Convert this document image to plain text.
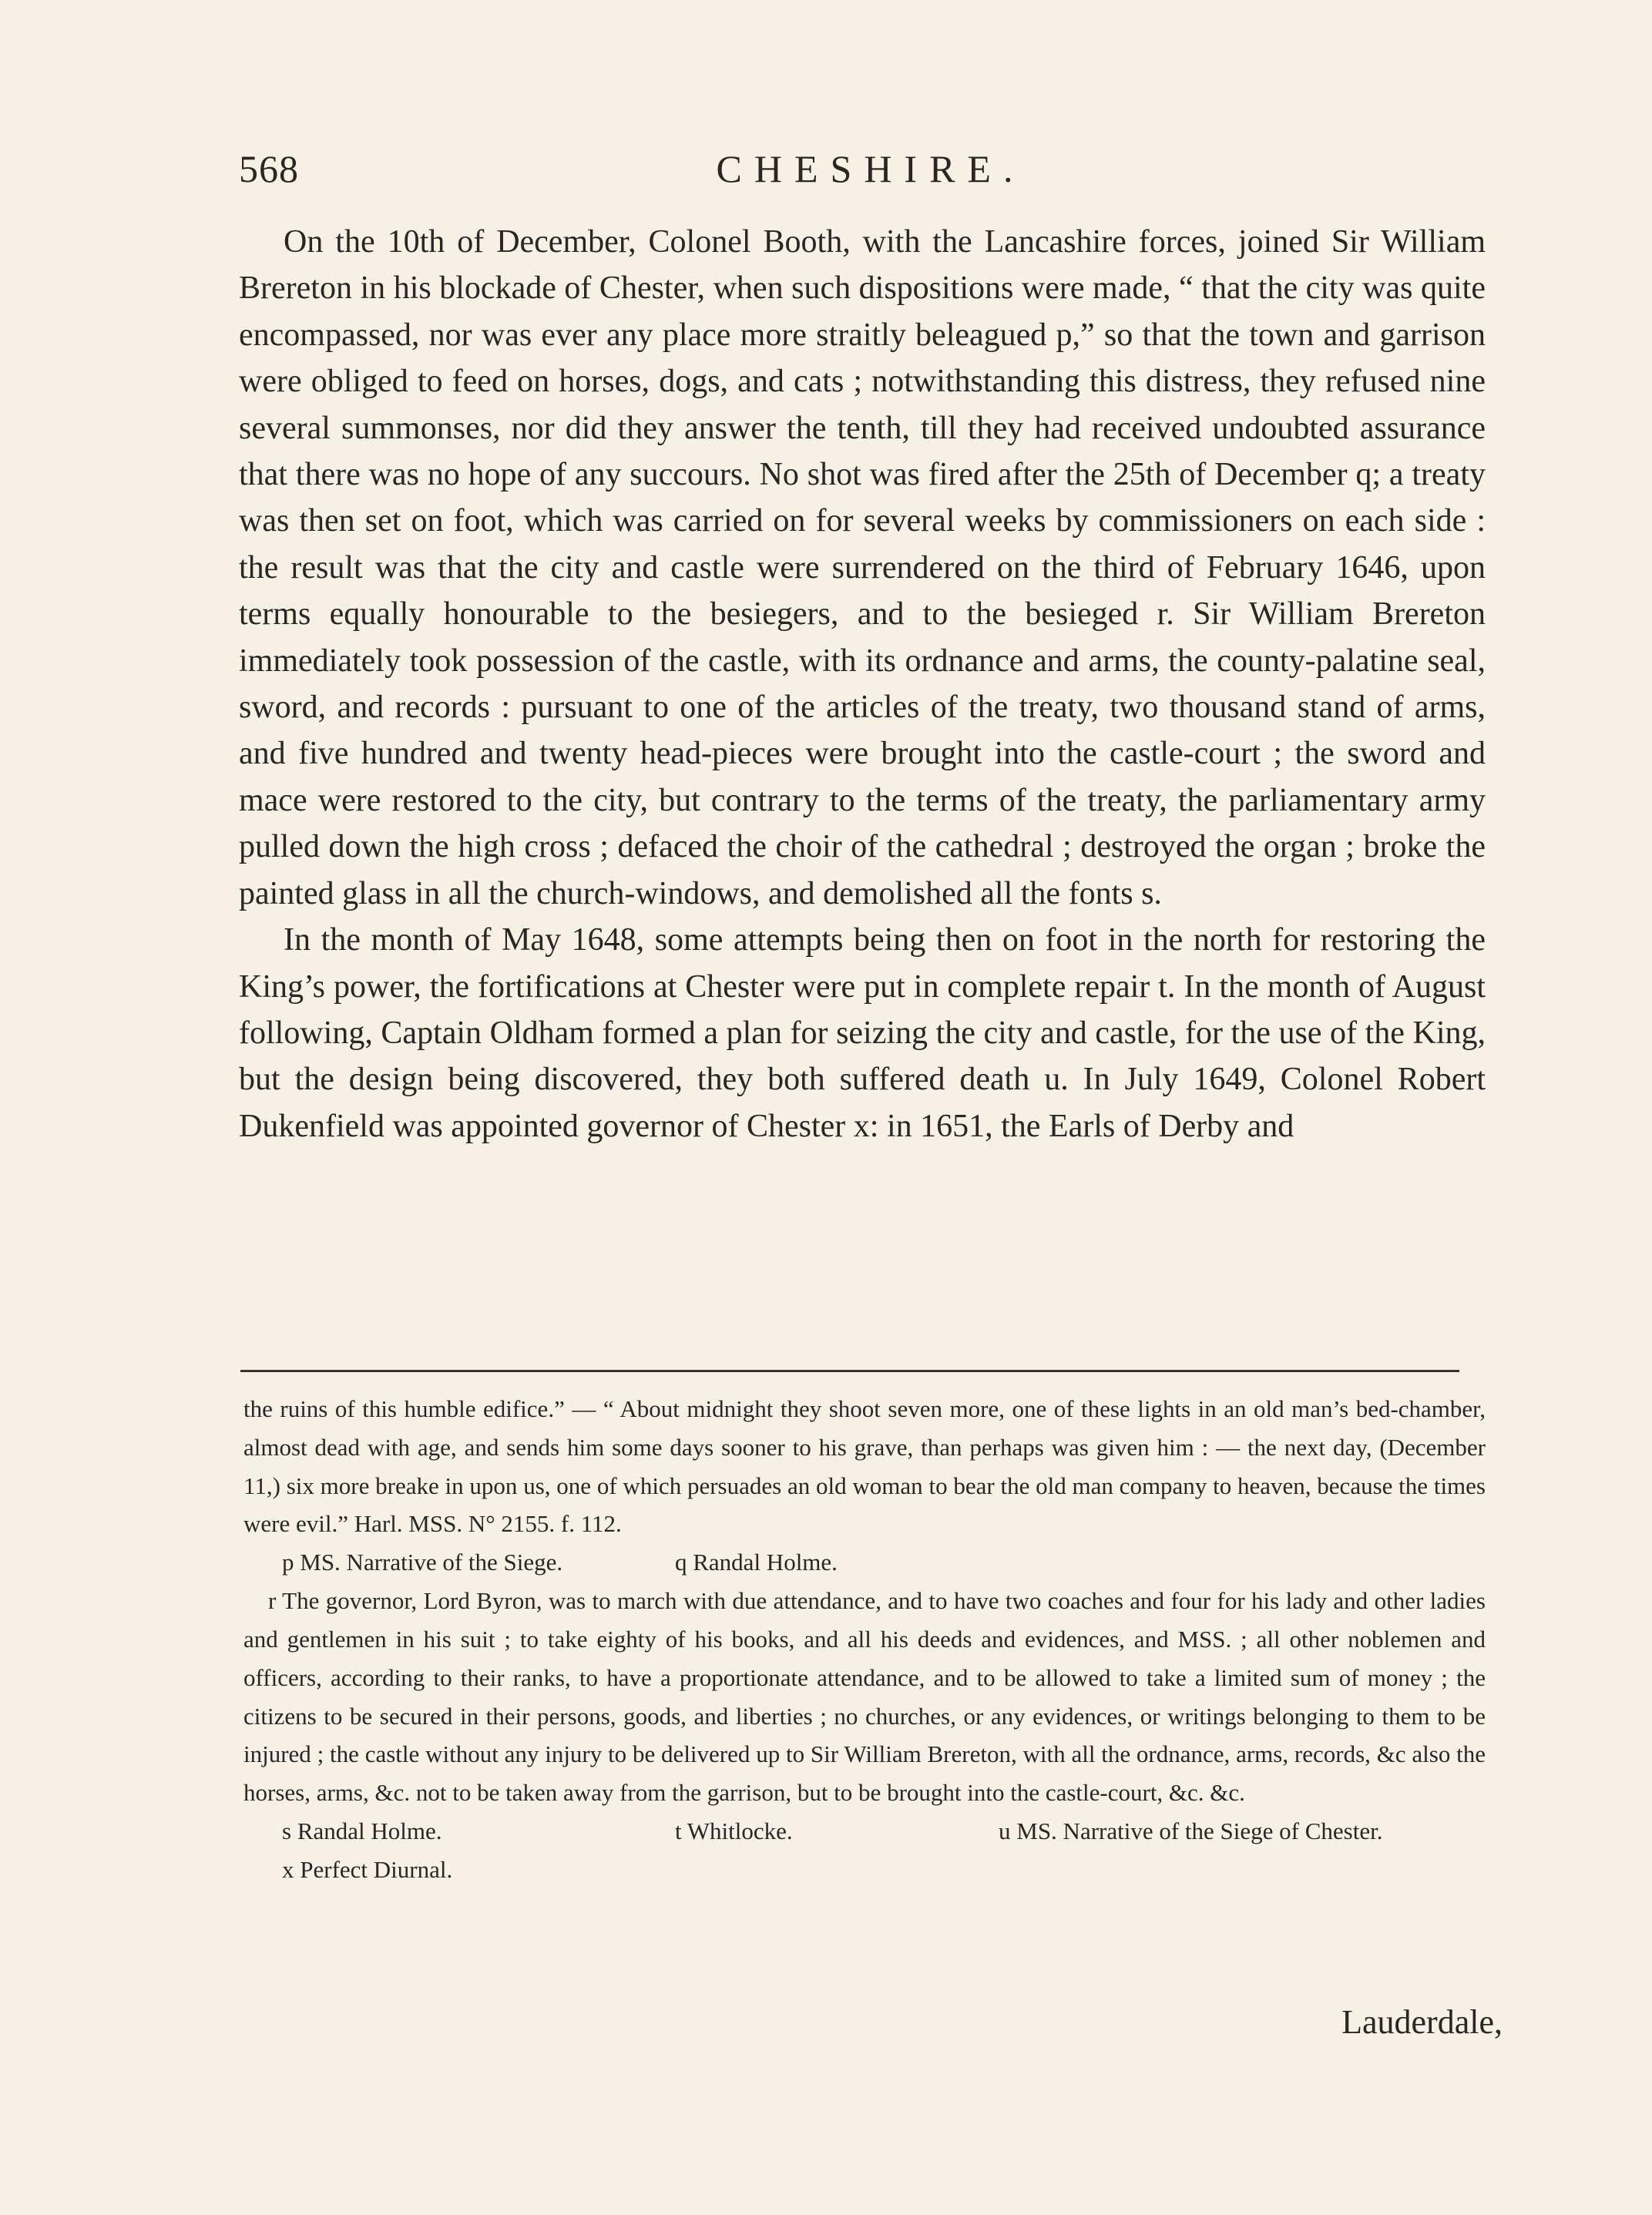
568	CHESHIRE.

On the 10th of December, Colonel Booth, with the Lancashire forces, joined Sir William Brereton in his blockade of Chester, when such dispositions were made, “ that the city was quite encompassed, nor was ever any place more straitly beleagued p,” so that the town and garrison were obliged to feed on horses, dogs, and cats ; notwithstanding this distress, they refused nine several summonses, nor did they answer the tenth, till they had received undoubted assurance that there was no hope of any succours. No shot was fired after the 25th of December q; a treaty was then set on foot, which was carried on for several weeks by commissioners on each side : the result was that the city and castle were surrendered on the third of February 1646, upon terms equally honourable to the besiegers, and to the besieged r. Sir William Brereton immediately took possession of the castle, with its ordnance and arms, the county-palatine seal, sword, and records : pursuant to one of the articles of the treaty, two thousand stand of arms, and five hundred and twenty head-pieces were brought into the castle-court ; the sword and mace were restored to the city, but contrary to the terms of the treaty, the parliamentary army pulled down the high cross ; defaced the choir of the cathedral ; destroyed the organ ; broke the painted glass in all the church-windows, and demolished all the fonts s.

In the month of May 1648, some attempts being then on foot in the north for restoring the King’s power, the fortifications at Chester were put in complete repair t. In the month of August following, Captain Oldham formed a plan for seizing the city and castle, for the use of the King, but the design being discovered, they both suffered death u. In July 1649, Colonel Robert Dukenfield was appointed governor of Chester x: in 1651, the Earls of Derby and

the ruins of this humble edifice.” — “ About midnight they shoot seven more, one of these lights in an old man’s bed-chamber, almost dead with age, and sends him some days sooner to his grave, than perhaps was given him : — the next day, (December 11,) six more breake in upon us, one of which persuades an old woman to bear the old man company to heaven, because the times were evil.” Harl. MSS. N° 2155. f. 112.

p MS. Narrative of the Siege.	q Randal Holme.

r The governor, Lord Byron, was to march with due attendance, and to have two coaches and four for his lady and other ladies and gentlemen in his suit ; to take eighty of his books, and all his deeds and evidences, and MSS. ; all other noblemen and officers, according to their ranks, to have a proportionate attendance, and to be allowed to take a limited sum of money ; the citizens to be secured in their persons, goods, and liberties ; no churches, or any evidences, or writings belonging to them to be injured ; the castle without any injury to be delivered up to Sir William Brereton, with all the ordnance, arms, records, &c also the horses, arms, &c. not to be taken away from the garrison, but to be brought into the castle-court, &c. &c.

s Randal Holme.	t Whitlocke.	u MS. Narrative of the Siege of Chester.
x Perfect Diurnal.
Lauderdale,
